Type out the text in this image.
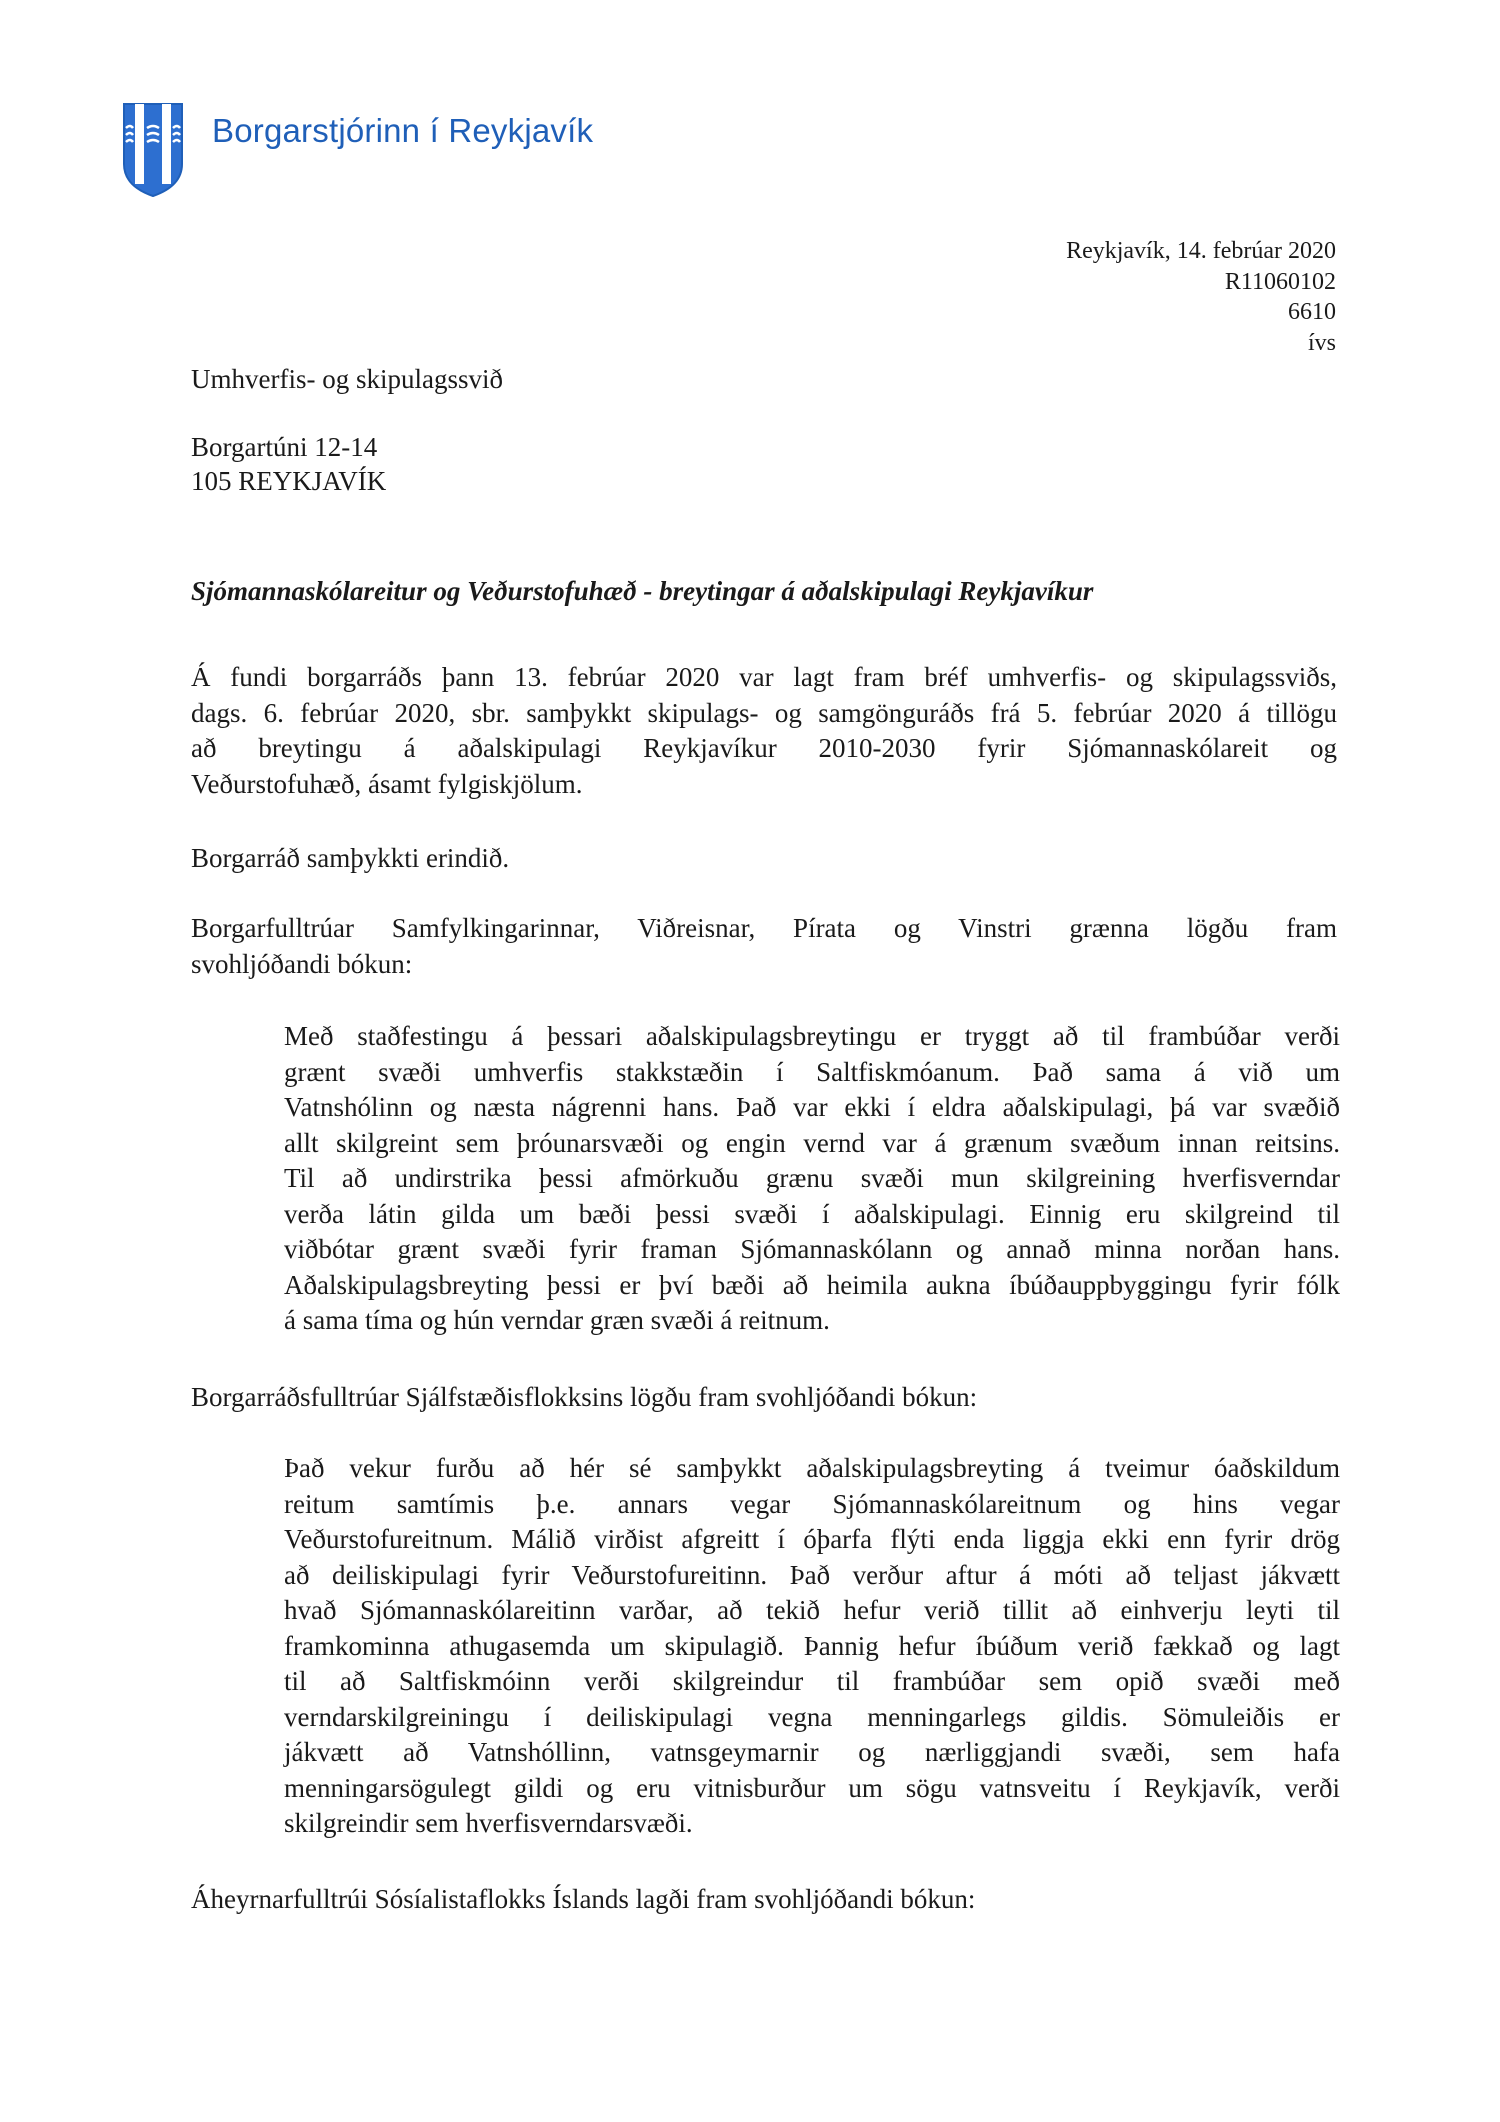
Borgarstjórinn í Reykjavík
Reykjavík, 14. febrúar 2020
R11060102
6610
ívs
Umhverfis- og skipulagssvið
Borgartúni 12-14
105 REYKJAVÍK
Sjómannaskólareitur og Veðurstofuhæð - breytingar á aðalskipulagi Reykjavíkur
Á fundi borgarráðs þann 13. febrúar 2020 var lagt fram bréf umhverfis- og skipulagssviðs,
dags. 6. febrúar 2020, sbr. samþykkt skipulags- og samgönguráðs frá 5. febrúar 2020 á tillögu
að breytingu á aðalskipulagi Reykjavíkur 2010-2030 fyrir Sjómannaskólareit og
Veðurstofuhæð, ásamt fylgiskjölum.
Borgarráð samþykkti erindið.
Borgarfulltrúar Samfylkingarinnar, Viðreisnar, Pírata og Vinstri grænna lögðu fram
svohljóðandi bókun:
Með staðfestingu á þessari aðalskipulagsbreytingu er tryggt að til frambúðar verði
grænt svæði umhverfis stakkstæðin í Saltfiskmóanum. Það sama á við um
Vatnshólinn og næsta nágrenni hans. Það var ekki í eldra aðalskipulagi, þá var svæðið
allt skilgreint sem þróunarsvæði og engin vernd var á grænum svæðum innan reitsins.
Til að undirstrika þessi afmörkuðu grænu svæði mun skilgreining hverfisverndar
verða látin gilda um bæði þessi svæði í aðalskipulagi. Einnig eru skilgreind til
viðbótar grænt svæði fyrir framan Sjómannaskólann og annað minna norðan hans.
Aðalskipulagsbreyting þessi er því bæði að heimila aukna íbúðauppbyggingu fyrir fólk
á sama tíma og hún verndar græn svæði á reitnum.
Borgarráðsfulltrúar Sjálfstæðisflokksins lögðu fram svohljóðandi bókun:
Það vekur furðu að hér sé samþykkt aðalskipulagsbreyting á tveimur óaðskildum
reitum samtímis þ.e. annars vegar Sjómannaskólareitnum og hins vegar
Veðurstofureitnum. Málið virðist afgreitt í óþarfa flýti enda liggja ekki enn fyrir drög
að deiliskipulagi fyrir Veðurstofureitinn. Það verður aftur á móti að teljast jákvætt
hvað Sjómannaskólareitinn varðar, að tekið hefur verið tillit að einhverju leyti til
framkominna athugasemda um skipulagið. Þannig hefur íbúðum verið fækkað og lagt
til að Saltfiskmóinn verði skilgreindur til frambúðar sem opið svæði með
verndarskilgreiningu í deiliskipulagi vegna menningarlegs gildis. Sömuleiðis er
jákvætt að Vatnshóllinn, vatnsgeymarnir og nærliggjandi svæði, sem hafa
menningarsögulegt gildi og eru vitnisburður um sögu vatnsveitu í Reykjavík, verði
skilgreindir sem hverfisverndarsvæði.
Áheyrnarfulltrúi Sósíalistaflokks Íslands lagði fram svohljóðandi bókun:
